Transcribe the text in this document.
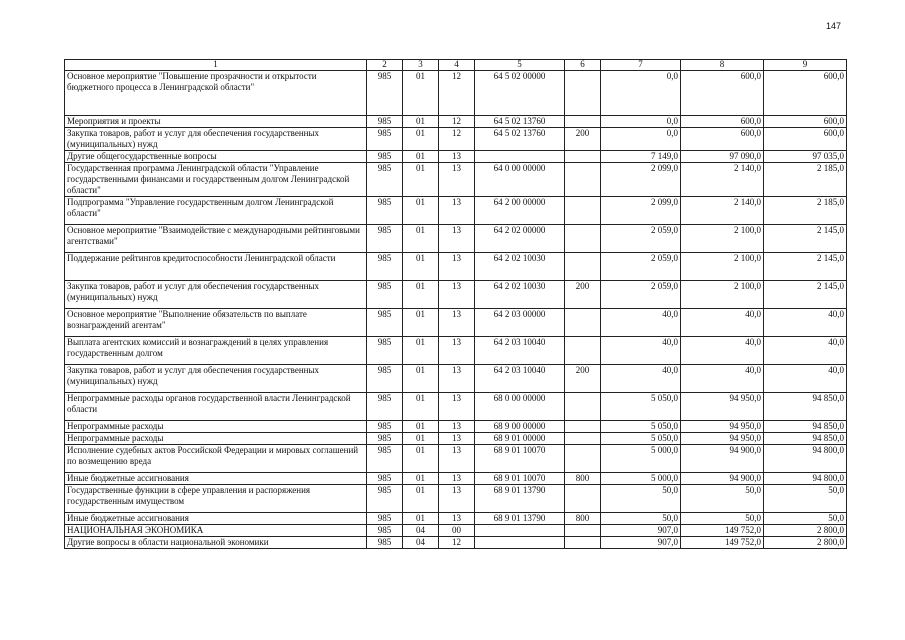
147
1	2	3	4	5	6	7	8	9
Основное мероприятие "Повышение прозрачности и открытости бюджетного процесса в Ленинградской области"	985	01	12	64 5 02 00000		0,0	600,0	600,0
Мероприятия и проекты	985	01	12	64 5 02 13760		0,0	600,0	600,0
Закупка товаров, работ и услуг для обеспечения государственных (муниципальных) нужд	985	01	12	64 5 02 13760	200	0,0	600,0	600,0
Другие общегосударственные вопросы	985	01	13			7 149,0	97 090,0	97 035,0
Государственная программа Ленинградской области "Управление государственными финансами и государственным долгом Ленинградской области"	985	01	13	64 0 00 00000		2 099,0	2 140,0	2 185,0
Подпрограмма "Управление государственным долгом Ленинградской области"	985	01	13	64 2 00 00000		2 099,0	2 140,0	2 185,0
Основное мероприятие "Взаимодействие с международными рейтинговыми агентствами"	985	01	13	64 2 02 00000		2 059,0	2 100,0	2 145,0
Поддержание рейтингов кредитоспособности Ленинградской области	985	01	13	64 2 02 10030		2 059,0	2 100,0	2 145,0
Закупка товаров, работ и услуг для обеспечения государственных (муниципальных) нужд	985	01	13	64 2 02 10030	200	2 059,0	2 100,0	2 145,0
Основное мероприятие "Выполнение обязательств по выплате вознаграждений агентам"	985	01	13	64 2 03 00000		40,0	40,0	40,0
Выплата агентских комиссий и вознаграждений в целях управления государственным долгом	985	01	13	64 2 03 10040		40,0	40,0	40,0
Закупка товаров, работ и услуг для обеспечения государственных (муниципальных) нужд	985	01	13	64 2 03 10040	200	40,0	40,0	40,0
Непрограммные расходы органов государственной власти Ленинградской области	985	01	13	68 0 00 00000		5 050,0	94 950,0	94 850,0
Непрограммные расходы	985	01	13	68 9 00 00000		5 050,0	94 950,0	94 850,0
Непрограммные расходы	985	01	13	68 9 01 00000		5 050,0	94 950,0	94 850,0
Исполнение судебных актов Российской Федерации и мировых соглашений по возмещению вреда	985	01	13	68 9 01 10070		5 000,0	94 900,0	94 800,0
Иные бюджетные ассигнования	985	01	13	68 9 01 10070	800	5 000,0	94 900,0	94 800,0
Государственные функции в сфере управления и распоряжения государственным имуществом	985	01	13	68 9 01 13790		50,0	50,0	50,0
Иные бюджетные ассигнования	985	01	13	68 9 01 13790	800	50,0	50,0	50,0
НАЦИОНАЛЬНАЯ ЭКОНОМИКА	985	04	00			907,0	149 752,0	2 800,0
Другие вопросы в области национальной экономики	985	04	12			907,0	149 752,0	2 800,0
